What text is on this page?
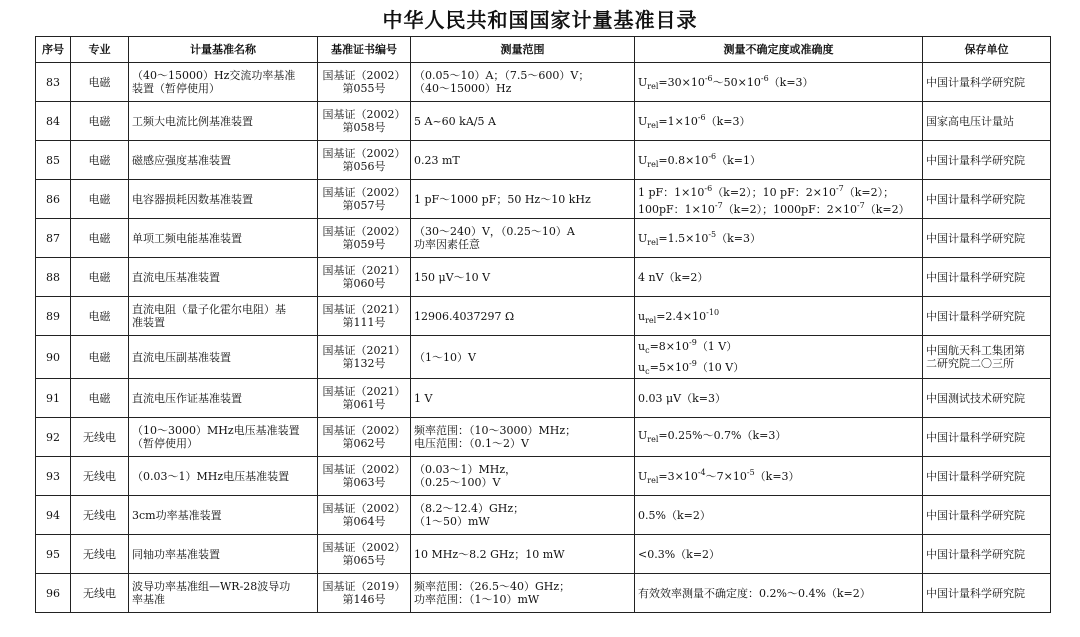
中华人民共和国国家计量基准目录
序号	专业	计量基准名称	基准证书编号	测量范围	测量不确定度或准确度	保存单位
83	电磁	（40～15000）Hz交流功率基准
装置（暂停使用）	国基证（2002）
第055号	（0.05～10）A；（7.5～600）V；
（40～15000）Hz	$U_{rel}=30\times 10^{-6}\sim 50\times 10^{-6}(k=3)$	中国计量科学研究院

84	电磁	工频大电流比例基准装置	国基证（2002）
第058号	5 A~60 kA/5 A	$U_{rel}=1\times 10^{-6}(k=3)$	国家高电压计量站

85	电磁	磁感应强度基准装置	国基证（2002）
第056号	0.23 mT	$U_{rel}=0.8\times 10^{-6}(k=1)$	中国计量科学研究院

86	电磁	电容器损耗因数基准装置	国基证（2002）
第057号	1 pF～1000 pF；50 Hz～10 kHz	1 pF：$1\times 10^{-6}(k=2)$；10 pF：$2\times 10^{-7}(k=2)$；
100pF：$1\times 10^{-7}(k=2)$；1000pF：$2\times 10^{-7}(k=2)$	中国计量科学研究院

87	电磁	单项工频电能基准装置	国基证（2002）
第059号	（30～240）V，（0.25～10）A
功率因素任意	$U_{rel}=1.5\times 10^{-5}(k=3)$	中国计量科学研究院

88	电磁	直流电压基准装置	国基证（2021）
第060号	150 μV～10 V	4 nV（k=2）	中国计量科学研究院

89	电磁	直流电阻（量子化霍尔电阻）基
准装置	国基证（2021）
第111号	12906.4037297 Ω	$u_{rel}=2.4\times 10^{-10}$	中国计量科学研究院

90	电磁	直流电压副基准装置	国基证（2021）
第132号	（1～10）V	$u_c=8\times 10^{-9}(1$ V）
$u_c=5\times 10^{-9}(10$ V）	中国航天科工集团第
二研究院二〇三所

91	电磁	直流电压作证基准装置	国基证（2021）
第061号	1 V	0.03 μV（k=3）	中国测试技术研究院

92	无线电	（10～3000）MHz电压基准装置
（暂停使用）	国基证（2002）
第062号	频率范围：（10～3000）MHz；
电压范围：（0.1～2）V	$U_{rel}=0.25\%\sim 0.7\%(k=3)$	中国计量科学研究院

93	无线电	（0.03～1）MHz电压基准装置	国基证（2002）
第063号	（0.03～1）MHz，
（0.25～100）V	$U_{rel}=3\times 10^{-4}\sim 7\times 10^{-5}(k=3)$	中国计量科学研究院

94	无线电	3cm功率基准装置	国基证（2002）
第064号	（8.2～12.4）GHz；
（1～50）mW	0.5%（k=2）	中国计量科学研究院

95	无线电	同轴功率基准装置	国基证（2002）
第065号	10 MHz～8.2 GHz；10 mW	<0.3%（k=2）	中国计量科学研究院

96	无线电	波导功率基准组—WR-28波导功
率基准	国基证（2019）
第146号	频率范围：（26.5～40）GHz；
功率范围：（1～10）mW	有效效率测量不确定度：0.2%～0.4%（k=2）	中国计量科学研究院
